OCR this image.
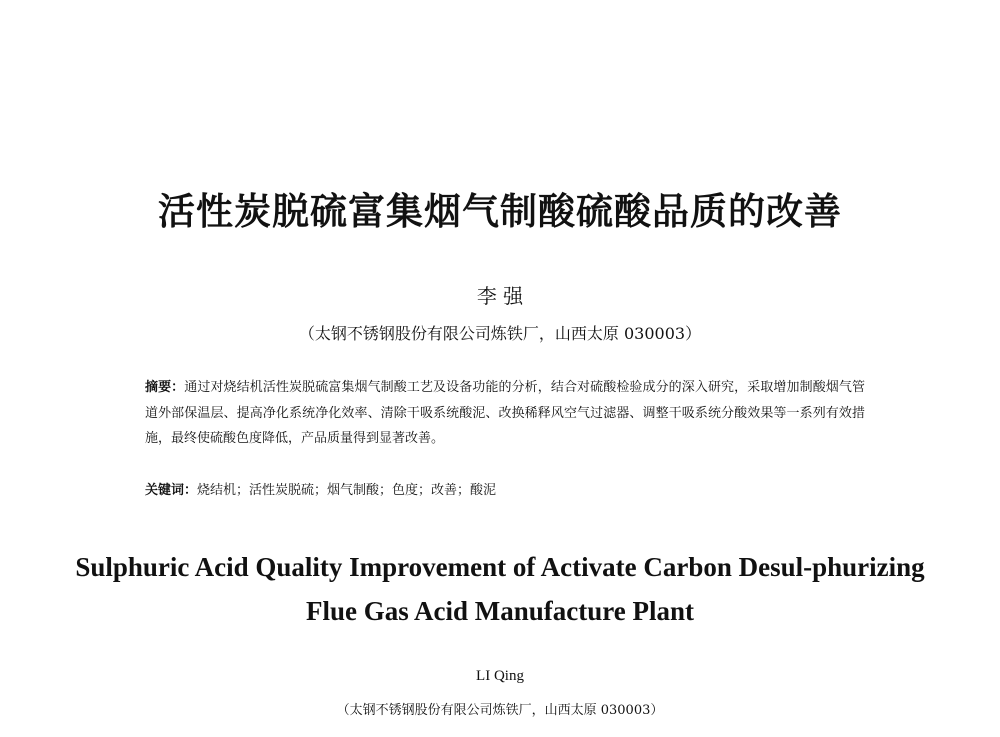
活性炭脱硫富集烟气制酸硫酸品质的改善
李 强
（太钢不锈钢股份有限公司炼铁厂，山西太原 030003）

摘要：通过对烧结机活性炭脱硫富集烟气制酸工艺及设备功能的分析，结合对硫酸检验成分的深入研究，采取增加制酸烟气管道外部保温层、提高净化系统净化效率、清除干吸系统酸泥、改换稀释风空气过滤器、调整干吸系统分酸效果等一系列有效措施，最终使硫酸色度降低，产品质量得到显著改善。

关键词：烧结机；活性炭脱硫；烟气制酸；色度；改善；酸泥

Sulphuric Acid Quality Improvement of Activate Carbon Desul-phurizing Flue Gas Acid Manufacture Plant

LI Qing
（太钢不锈钢股份有限公司炼铁厂，山西太原 030003）
